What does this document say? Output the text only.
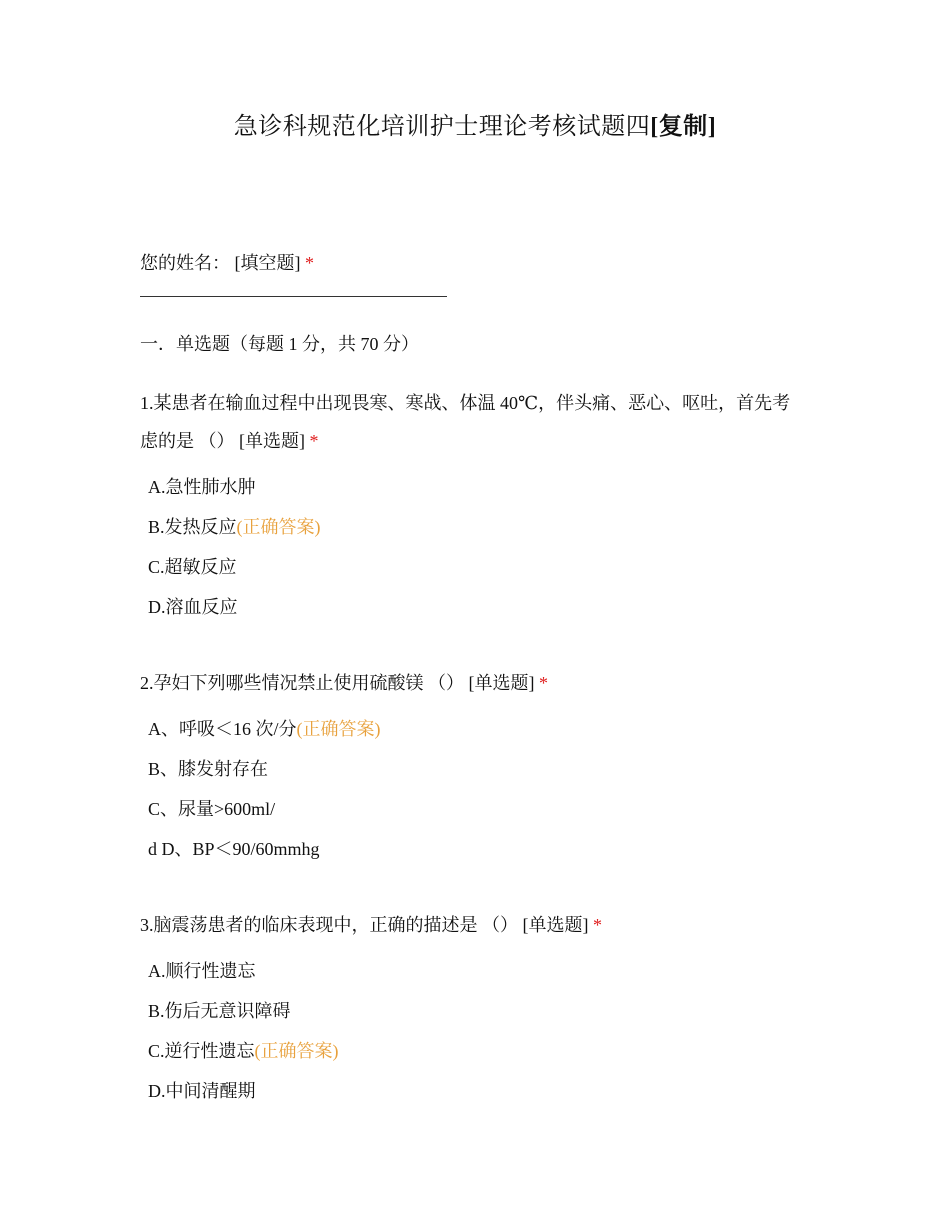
急诊科规范化培训护士理论考核试题四[复制]
您的姓名： [填空题] *
一．单选题（每题 1 分，共 70 分）
1.某患者在输血过程中出现畏寒、寒战、体温 40℃，伴头痛、恶心、呕吐，首先考
虑的是 （） [单选题] *
A.急性肺水肿
B.发热反应(正确答案)
C.超敏反应
D.溶血反应
2.孕妇下列哪些情况禁止使用硫酸镁 （） [单选题] *
A、呼吸＜16 次/分(正确答案)
B、膝发射存在
C、尿量>600ml/
d D、BP＜90/60mmhg
3.脑震荡患者的临床表现中，正确的描述是 （） [单选题] *
A.顺行性遗忘
B.伤后无意识障碍
C.逆行性遗忘(正确答案)
D.中间清醒期
